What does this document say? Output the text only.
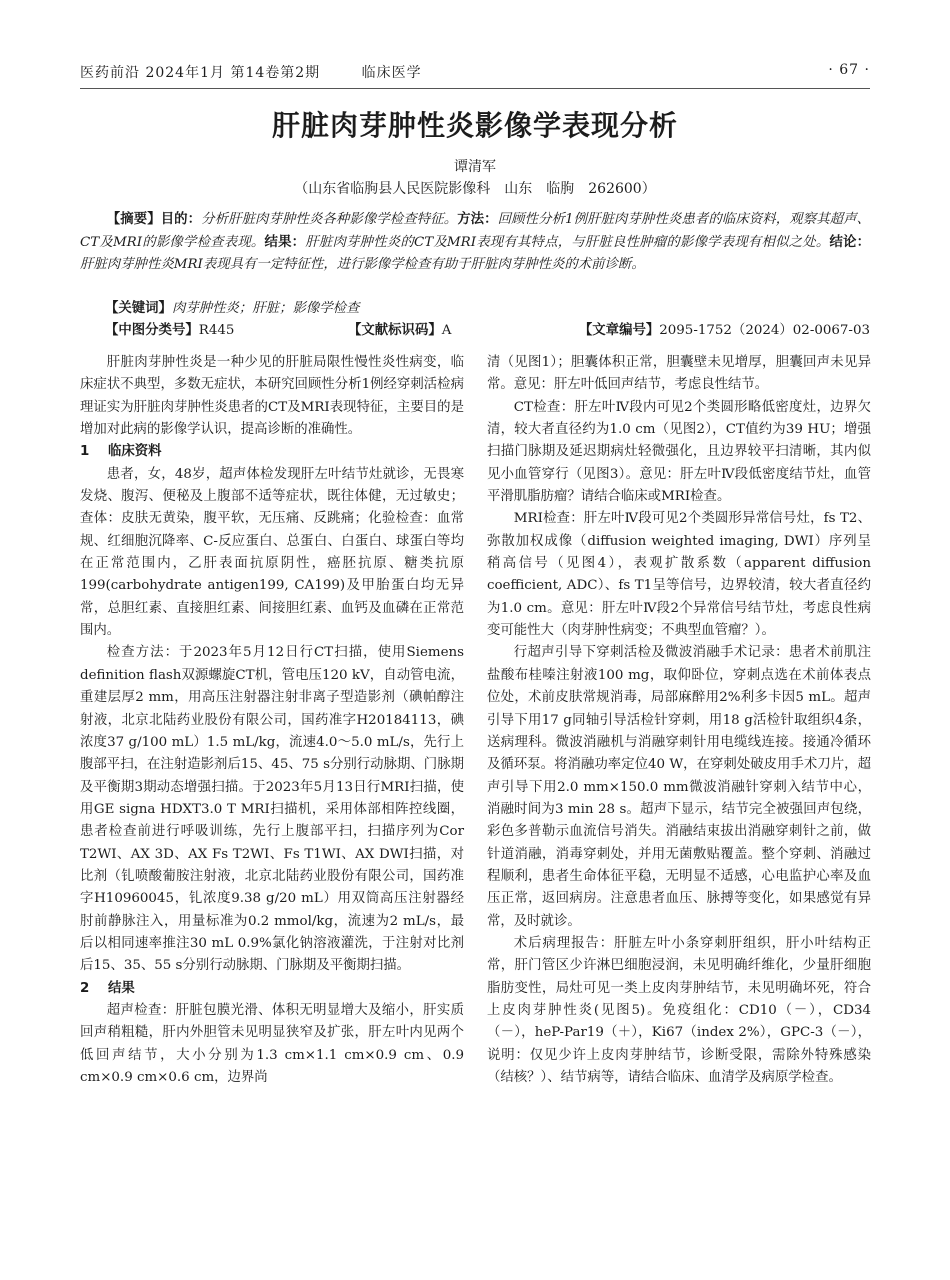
医药前沿 2024年1月 第14卷第2期	临床医学	· 67 ·
肝脏肉芽肿性炎影像学表现分析
谭清军
（山东省临朐县人民医院影像科　山东　临朐　262600）

【摘要】目的：分析肝脏肉芽肿性炎各种影像学检查特征。方法：回顾性分析1例肝脏肉芽肿性炎患者的临床资料，观察其超声、CT及MRI的影像学检查表现。结果：肝脏肉芽肿性炎的CT及MRI表现有其特点，与肝脏良性肿瘤的影像学表现有相似之处。结论：肝脏肉芽肿性炎MRI表现具有一定特征性，进行影像学检查有助于肝脏肉芽肿性炎的术前诊断。

【关键词】肉芽肿性炎；肝脏；影像学检查
【中图分类号】R445	【文献标识码】A	【文章编号】2095-1752（2024）02-0067-03

肝脏肉芽肿性炎是一种少见的肝脏局限性慢性炎性病变，临床症状不典型，多数无症状，本研究回顾性分析1例经穿刺活检病理证实为肝脏肉芽肿性炎患者的CT及MRI表现特征，主要目的是增加对此病的影像学认识，提高诊断的准确性。

1 临床资料

患者，女，48岁，超声体检发现肝左叶结节灶就诊，无畏寒发烧、腹泻、便秘及上腹部不适等症状，既往体健，无过敏史；查体：皮肤无黄染，腹平软，无压痛、反跳痛；化验检查：血常规、红细胞沉降率、C-反应蛋白、总蛋白、白蛋白、球蛋白等均在正常范围内，乙肝表面抗原阴性，癌胚抗原、糖类抗原199(carbohydrate antigen199, CA199)及甲胎蛋白均无异常，总胆红素、直接胆红素、间接胆红素、血钙及血磷在正常范围内。

检查方法：于2023年5月12日行CT扫描，使用Siemens definition flash双源螺旋CT机，管电压120 kV，自动管电流，重建层厚2 mm，用高压注射器注射非离子型造影剂（碘帕醇注射液，北京北陆药业股份有限公司，国药准字H20184113，碘浓度37 g/100 mL）1.5 mL/kg，流速4.0～5.0 mL/s，先行上腹部平扫，在注射造影剂后15、45、75 s分别行动脉期、门脉期及平衡期3期动态增强扫描。于2023年5月13日行MRI扫描，使用GE signa HDXT3.0 T MRI扫描机，采用体部相阵控线圈，患者检查前进行呼吸训练，先行上腹部平扫，扫描序列为Cor T2WI、AX 3D、AX Fs T2WI、Fs T1WI、AX DWI扫描，对比剂（钆喷酸葡胺注射液，北京北陆药业股份有限公司，国药准字H10960045，钆浓度9.38 g/20 mL）用双筒高压注射器经肘前静脉注入，用量标准为0.2 mmol/kg，流速为2 mL/s，最后以相同速率推注30 mL 0.9%氯化钠溶液灌洗，于注射对比剂后15、35、55 s分别行动脉期、门脉期及平衡期扫描。

2 结果

超声检查：肝脏包膜光滑、体积无明显增大及缩小，肝实质回声稍粗糙，肝内外胆管未见明显狭窄及扩张，肝左叶内见两个低回声结节，大小分别为1.3 cm×1.1 cm×0.9 cm、0.9 cm×0.9 cm×0.6 cm，边界尚

清（见图1）；胆囊体积正常，胆囊壁未见增厚，胆囊回声未见异常。意见：肝左叶低回声结节，考虑良性结节。

CT检查：肝左叶Ⅳ段内可见2个类圆形略低密度灶，边界欠清，较大者直径约为1.0 cm（见图2），CT值约为39 HU；增强扫描门脉期及延迟期病灶轻微强化，且边界较平扫清晰，其内似见小血管穿行（见图3）。意见：肝左叶Ⅳ段低密度结节灶，血管平滑肌脂肪瘤？请结合临床或MRI检查。

MRI检查：肝左叶Ⅳ段可见2个类圆形异常信号灶，fs T2、弥散加权成像（diffusion weighted imaging, DWI）序列呈稍高信号（见图4），表观扩散系数（apparent diffusion coefficient, ADC）、fs T1呈等信号，边界较清，较大者直径约为1.0 cm。意见：肝左叶Ⅳ段2个异常信号结节灶，考虑良性病变可能性大（肉芽肿性病变；不典型血管瘤？）。

行超声引导下穿刺活检及微波消融手术记录：患者术前肌注盐酸布桂嗪注射液100 mg，取仰卧位，穿刺点选在术前体表点位处，术前皮肤常规消毒，局部麻醉用2%利多卡因5 mL。超声引导下用17 g同轴引导活检针穿刺，用18 g活检针取组织4条，送病理科。微波消融机与消融穿刺针用电缆线连接。接通冷循环及循环泵。将消融功率定位40 W，在穿刺处破皮用手术刀片，超声引导下用2.0 mm×150.0 mm微波消融针穿刺入结节中心，消融时间为3 min 28 s。超声下显示，结节完全被强回声包绕，彩色多普勒示血流信号消失。消融结束拔出消融穿刺针之前，做针道消融，消毒穿刺处，并用无菌敷贴覆盖。整个穿刺、消融过程顺利，患者生命体征平稳，无明显不适感，心电监护心率及血压正常，返回病房。注意患者血压、脉搏等变化，如果感觉有异常，及时就诊。

术后病理报告：肝脏左叶小条穿刺肝组织，肝小叶结构正常，肝门管区少许淋巴细胞浸润，未见明确纤维化，少量肝细胞脂肪变性，局灶可见一类上皮肉芽肿结节，未见明确坏死，符合上皮肉芽肿性炎(见图5)。免疫组化：CD10（－），CD34（－），heP-Par19（＋），Ki67（index 2%），GPC-3（－），说明：仅见少许上皮肉芽肿结节，诊断受限，需除外特殊感染（结核？）、结节病等，请结合临床、血清学及病原学检查。
